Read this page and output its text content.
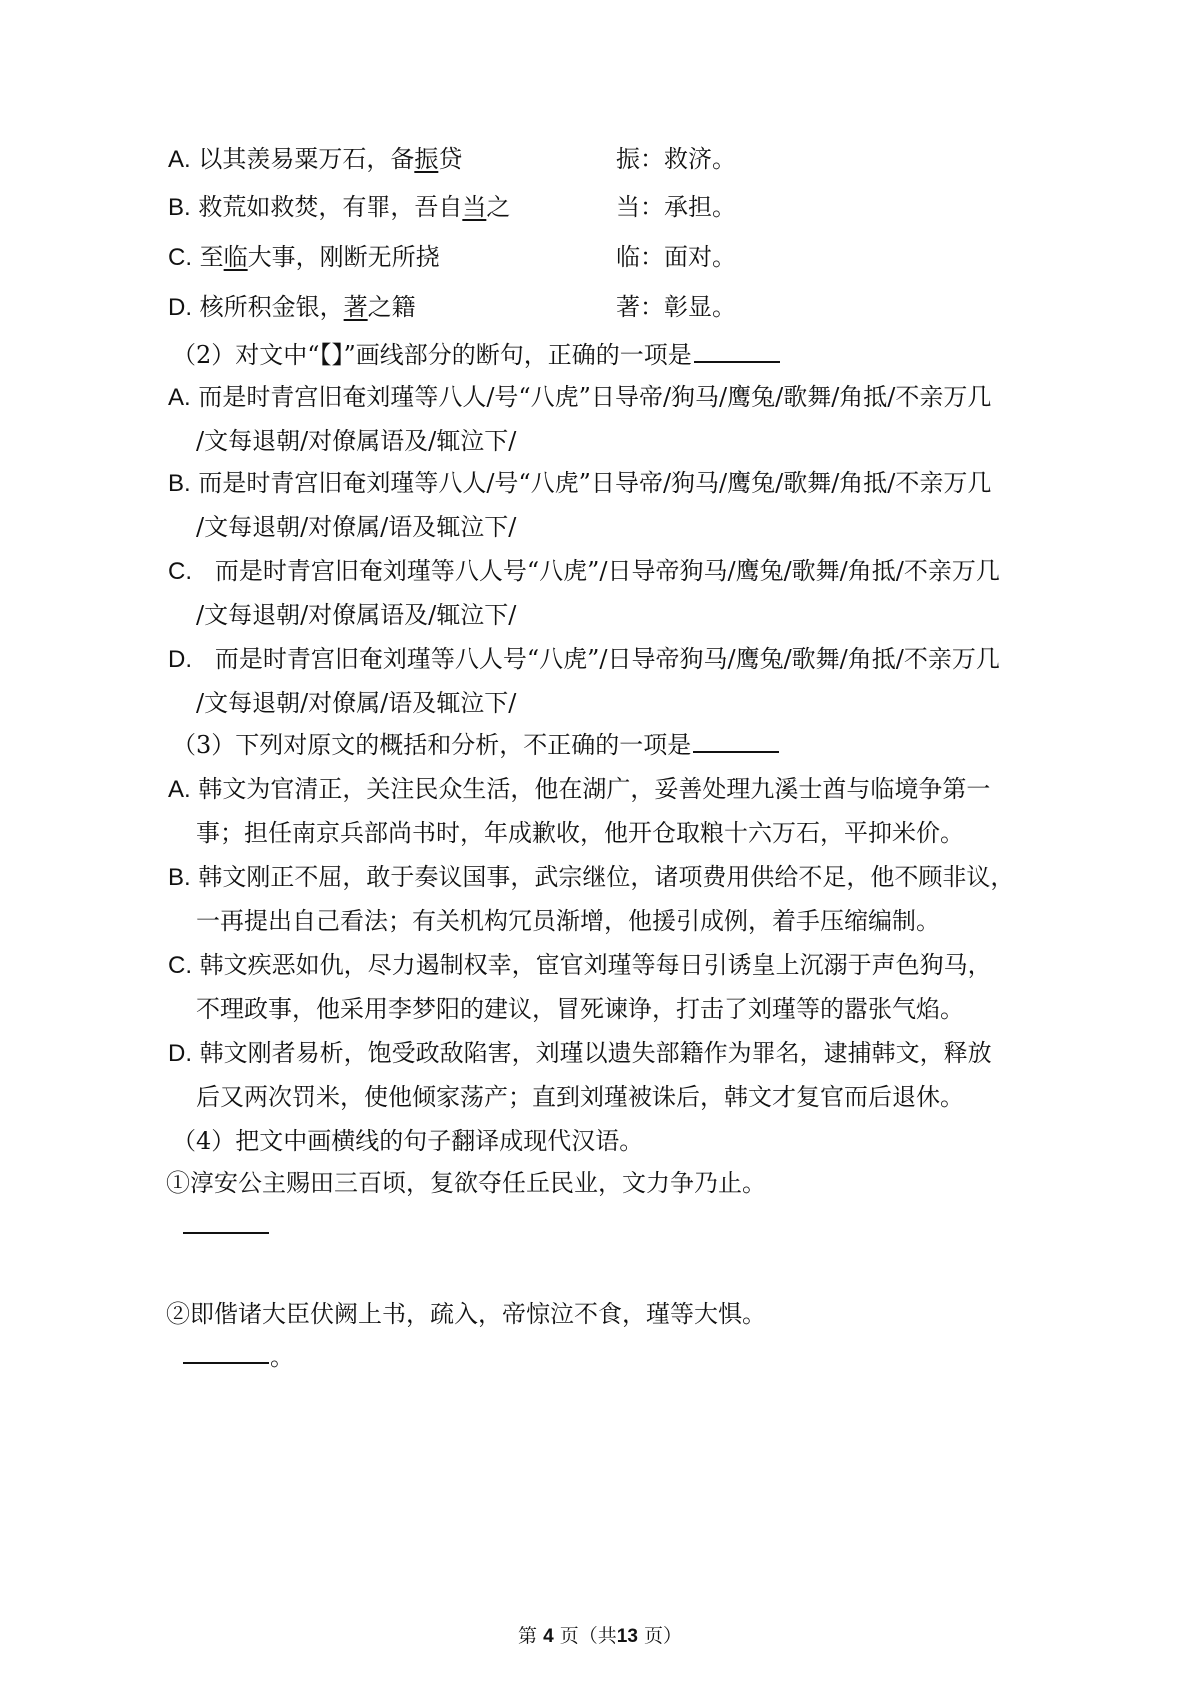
A. 以其羡易粟万石，备振贷	振：救济。
B. 救荒如救焚，有罪，吾自当之	当：承担。
C. 至临大事，刚断无所挠	临：面对。
D. 核所积金银，著之籍	著：彰显。
（2）对文中“【】”画线部分的断句，正确的一项是
A. 而是时青宫旧奄刘瑾等八人/号“八虎”日导帝/狗马/鹰兔/歌舞/角抵/不亲万几
/文每退朝/对僚属语及/辄泣下/
B. 而是时青宫旧奄刘瑾等八人/号“八虎”日导帝/狗马/鹰兔/歌舞/角抵/不亲万几
/文每退朝/对僚属/语及辄泣下/
C. 而是时青宫旧奄刘瑾等八人号“八虎”/日导帝狗马/鹰兔/歌舞/角抵/不亲万几
/文每退朝/对僚属语及/辄泣下/
D. 而是时青宫旧奄刘瑾等八人号“八虎”/日导帝狗马/鹰兔/歌舞/角抵/不亲万几
/文每退朝/对僚属/语及辄泣下/
（3）下列对原文的概括和分析，不正确的一项是
A. 韩文为官清正，关注民众生活，他在湖广，妥善处理九溪士酋与临境争第一
事；担任南京兵部尚书时，年成歉收，他开仓取粮十六万石，平抑米价。
B. 韩文刚正不屈，敢于奏议国事，武宗继位，诸项费用供给不足，他不顾非议，
一再提出自己看法；有关机构冗员渐增，他援引成例，着手压缩编制。
C. 韩文疾恶如仇，尽力遏制权幸，宦官刘瑾等每日引诱皇上沉溺于声色狗马，
不理政事，他采用李梦阳的建议，冒死谏诤，打击了刘瑾等的嚣张气焰。
D. 韩文刚者易析，饱受政敌陷害，刘瑾以遗失部籍作为罪名，逮捕韩文，释放
后又两次罚米，使他倾家荡产；直到刘瑾被诛后，韩文才复官而后退休。
（4）把文中画横线的句子翻译成现代汉语。
①淳安公主赐田三百顷，复欲夺任丘民业，文力争乃止。
②即偕诸大臣伏阙上书，疏入，帝惊泣不食，瑾等大惧。
。
第 4 页（共13 页）
